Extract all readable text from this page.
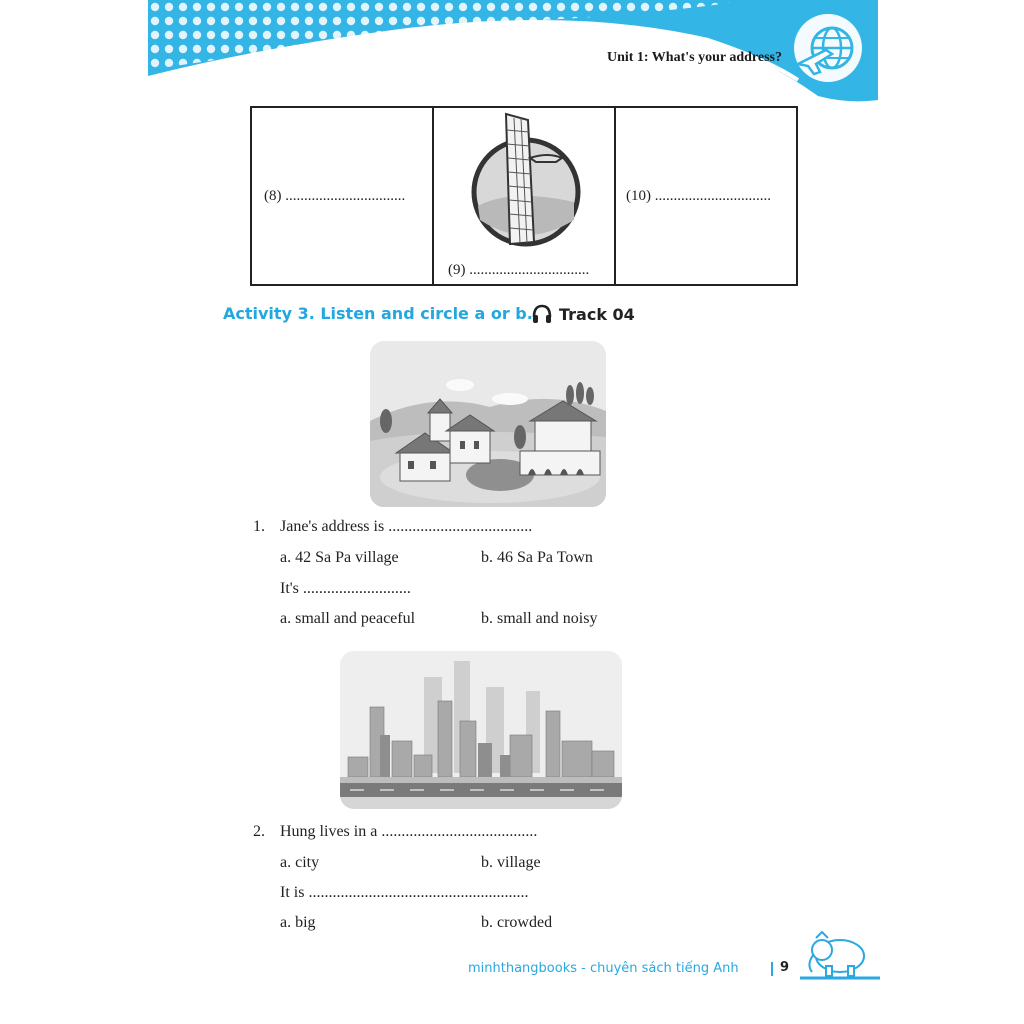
Unit 1: What's your address?
(8) ................................
(9) ................................
(10) ...............................
Activity 3. Listen and circle a or b. Track 04
1. Jane's address is ....................................
a. 42 Sa Pa village	b. 46 Sa Pa Town
It's ...........................
a. small and peaceful	b. small and noisy
2. Hung lives in a .......................................
a. city	b. village
It is .......................................................
a. big	b. crowded
minhthangbooks - chuyên sách tiếng Anh	9
